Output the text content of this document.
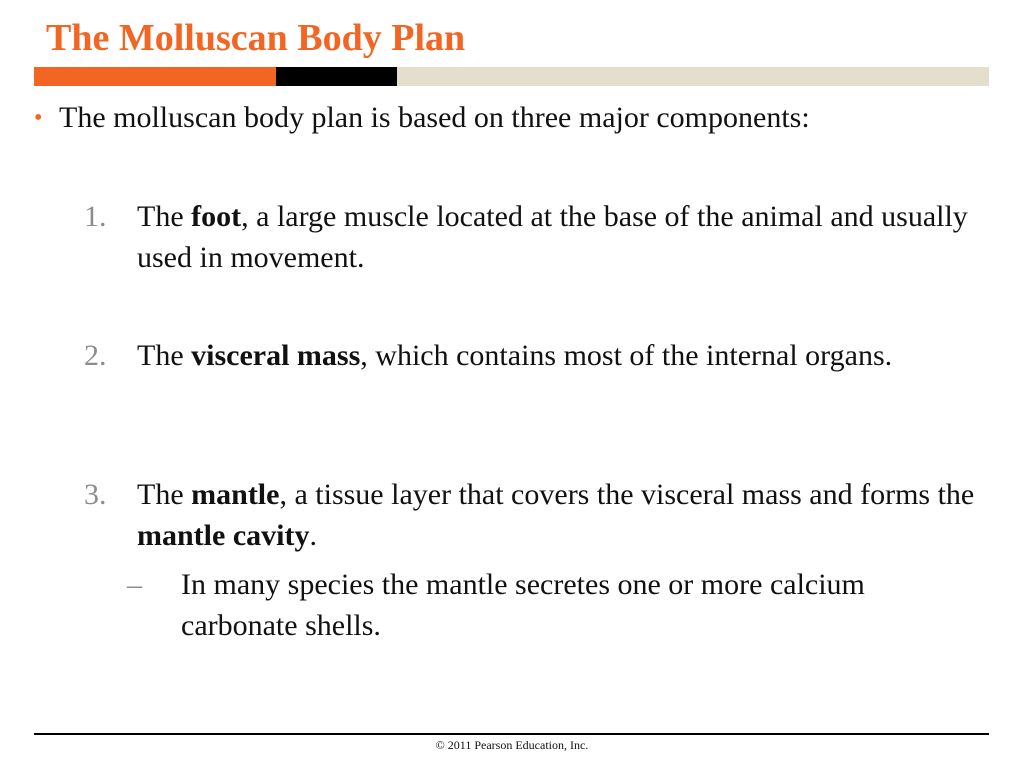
The Molluscan Body Plan
• The molluscan body plan is based on three major components:
1. The foot, a large muscle located at the base of the animal and usually used in movement.
2. The visceral mass, which contains most of the internal organs.
3. The mantle, a tissue layer that covers the visceral mass and forms the mantle cavity.
– In many species the mantle secretes one or more calcium carbonate shells.
© 2011 Pearson Education, Inc.
